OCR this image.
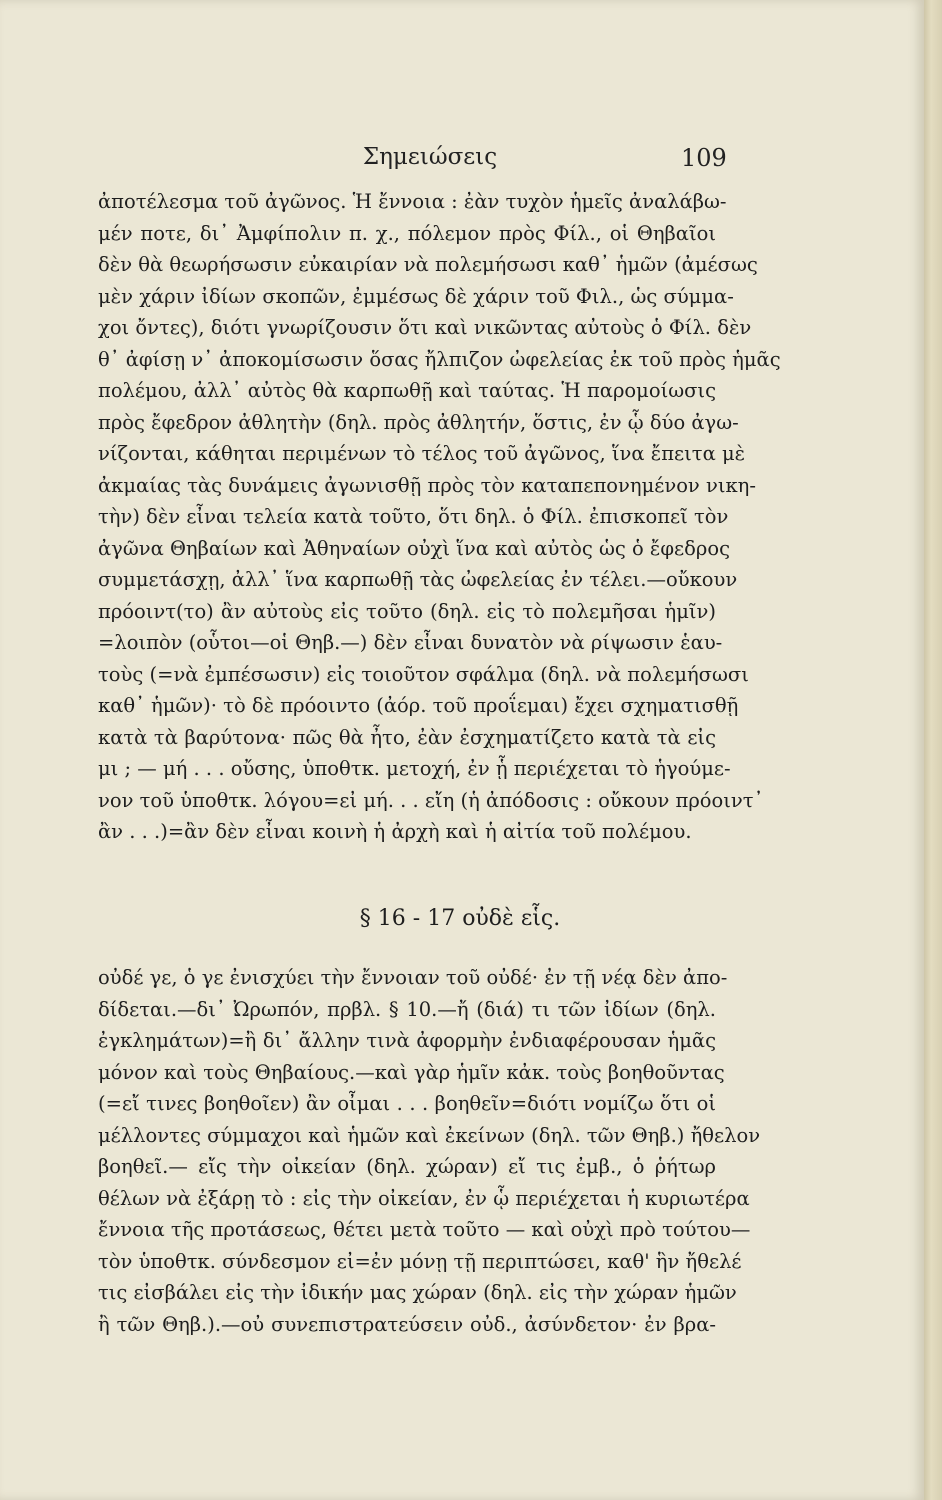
Σημειώσεις	109
ἀποτέλεσμα τοῦ ἀγῶνος. Ἡ ἔννοια : ἐὰν τυχὸν ἡμεῖς ἀναλάβω-
μέν ποτε, δι᾽ Ἀμφίπολιν π. χ., πόλεμον πρὸς Φίλ., οἱ Θηβαῖοι
δὲν θὰ θεωρήσωσιν εὐκαιρίαν νὰ πολεμήσωσι καθ᾽ ἡμῶν (ἀμέσως
μὲν χάριν ἰδίων σκοπῶν, ἐμμέσως δὲ χάριν τοῦ Φιλ., ὡς σύμμα-
χοι ὄντες), διότι γνωρίζουσιν ὅτι καὶ νικῶντας αὐτοὺς ὁ Φίλ. δὲν
θ᾽ ἀφίσῃ ν᾽ ἀποκομίσωσιν ὅσας ἤλπιζον ὠφελείας ἐκ τοῦ πρὸς ἡμᾶς
πολέμου, ἀλλ᾽ αὐτὸς θὰ καρπωθῇ καὶ ταύτας. Ἡ παρομοίωσις
πρὸς ἔφεδρον ἀθλητὴν (δηλ. πρὸς ἀθλητήν, ὅστις, ἐν ᾧ δύο ἀγω-
νίζονται, κάθηται περιμένων τὸ τέλος τοῦ ἀγῶνος, ἵνα ἔπειτα μὲ
ἀκμαίας τὰς δυνάμεις ἀγωνισθῇ πρὸς τὸν καταπεπονημένον νικη-
τὴν) δὲν εἶναι τελεία κατὰ τοῦτο, ὅτι δηλ. ὁ Φίλ. ἐπισκοπεῖ τὸν
ἀγῶνα Θηβαίων καὶ Ἀθηναίων οὐχὶ ἵνα καὶ αὐτὸς ὡς ὁ ἔφεδρος
συμμετάσχῃ, ἀλλ᾽ ἵνα καρπωθῇ τὰς ὠφελείας ἐν τέλει.—οὔκουν
πρόοιντ(το) ἂν αὐτοὺς εἰς τοῦτο (δηλ. εἰς τὸ πολεμῆσαι ἡμῖν)
=λοιπὸν (οὗτοι—οἱ Θηβ.—) δὲν εἶναι δυνατὸν νὰ ρίψωσιν ἑαυ-
τοὺς (=νὰ ἐμπέσωσιν) εἰς τοιοῦτον σφάλμα (δηλ. νὰ πολεμήσωσι
καθ᾽ ἡμῶν)· τὸ δὲ πρόοιντο (ἀόρ. τοῦ προΐεμαι) ἔχει σχηματισθῇ
κατὰ τὰ βαρύτονα· πῶς θὰ ἦτο, ἐὰν ἐσχηματίζετο κατὰ τὰ εἰς
μι ; — μή . . . οὔσης, ὑποθτκ. μετοχή, ἐν ᾗ περιέχεται τὸ ἡγούμε-
νον τοῦ ὑποθτκ. λόγου=εἰ μή. . . εἴη (ἡ ἀπόδοσις : οὔκουν πρόοιντ᾽
ἂν . . .)=ἂν δὲν εἶναι κοινὴ ἡ ἀρχὴ καὶ ἡ αἰτία τοῦ πολέμου.
§ 16 - 17 οὐδὲ εἷς.
οὐδέ γε, ὁ γε ἐνισχύει τὴν ἔννοιαν τοῦ οὐδέ· ἐν τῇ νέᾳ δὲν ἀπο-
δίδεται.—δι᾽ Ὠρωπόν, πρβλ. § 10.—ἤ (διά) τι τῶν ἰδίων (δηλ.
ἐγκλημάτων)=ἢ δι᾽ ἄλλην τινὰ ἀφορμὴν ἐνδιαφέρουσαν ἡμᾶς
μόνον καὶ τοὺς Θηβαίους.—καὶ γὰρ ἡμῖν κἀκ. τοὺς βοηθοῦντας
(=εἴ τινες βοηθοῖεν) ἂν οἶμαι . . . βοηθεῖν=διότι νομίζω ὅτι οἱ
μέλλοντες σύμμαχοι καὶ ἡμῶν καὶ ἐκείνων (δηλ. τῶν Θηβ.) ἤθελον
βοηθεῖ.— εἴς τὴν οἰκείαν (δηλ. χώραν) εἴ τις ἐμβ., ὁ ῥήτωρ
θέλων νὰ ἐξάρῃ τὸ : εἰς τὴν οἰκείαν, ἐν ᾧ περιέχεται ἡ κυριωτέρα
ἔννοια τῆς προτάσεως, θέτει μετὰ τοῦτο — καὶ οὐχὶ πρὸ τούτου—
τὸν ὑποθτκ. σύνδεσμον εἰ=ἐν μόνῃ τῇ περιπτώσει, καθ' ἣν ἤθελέ
τις εἰσβάλει εἰς τὴν ἰδικήν μας χώραν (δηλ. εἰς τὴν χώραν ἡμῶν
ἢ τῶν Θηβ.).—οὐ συνεπιστρατεύσειν οὐδ., ἀσύνδετον· ἐν βρα-
